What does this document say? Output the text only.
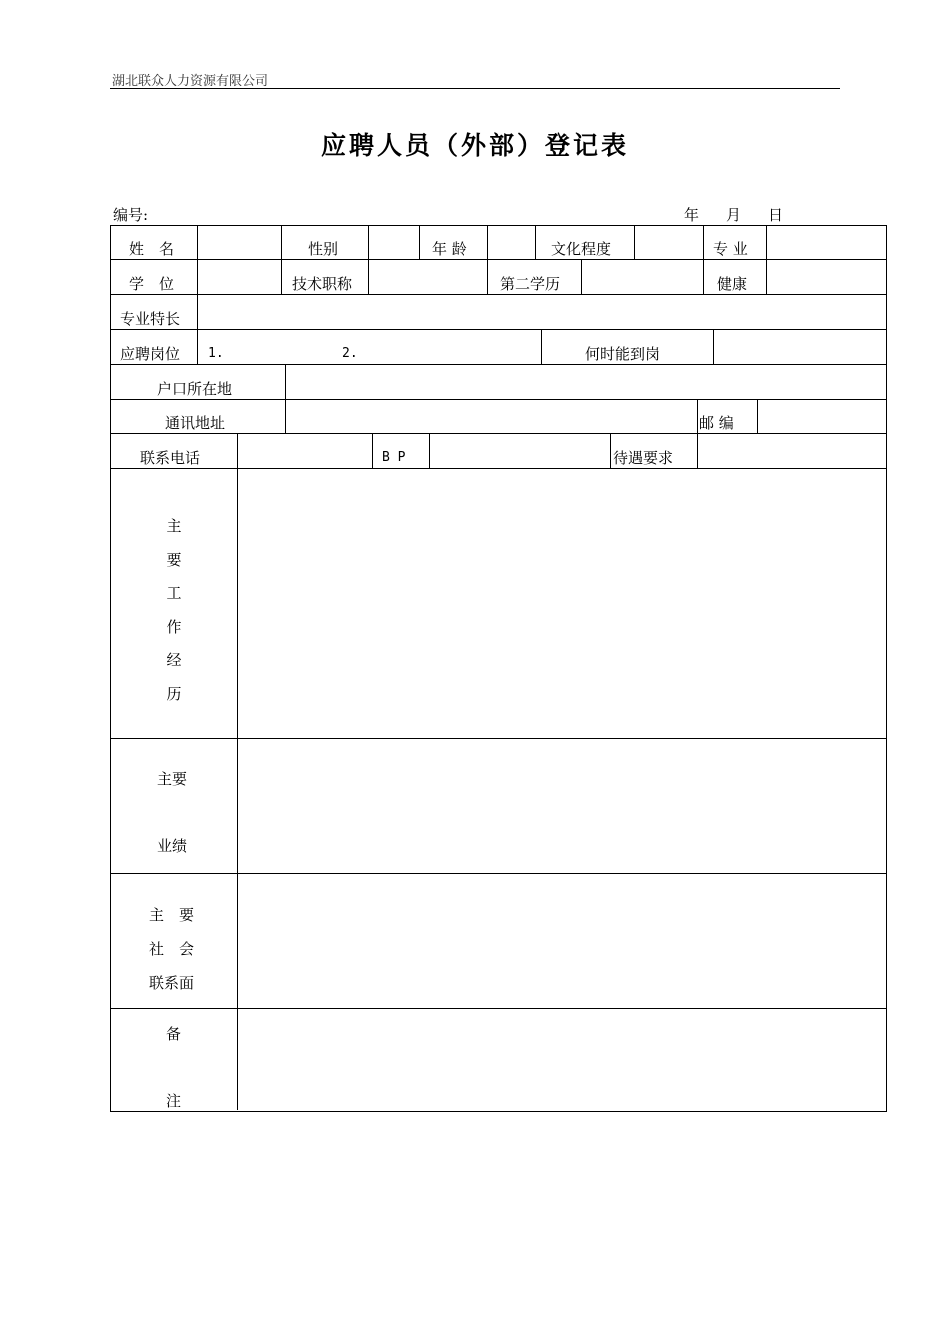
湖北联众人力资源有限公司
应聘人员（外部）登记表
编号:	年 月 日
姓　名	性别	年 龄	文化程度	专 业
学　位	技术职称	第二学历	健康
专业特长
应聘岗位 1.	2.	何时能到岗
户口所在地
通讯地址	邮 编
联系电话	B P	待遇要求
主
要
工
作
经
历
主要
业绩
主　要
社　会
联系面
备
注
